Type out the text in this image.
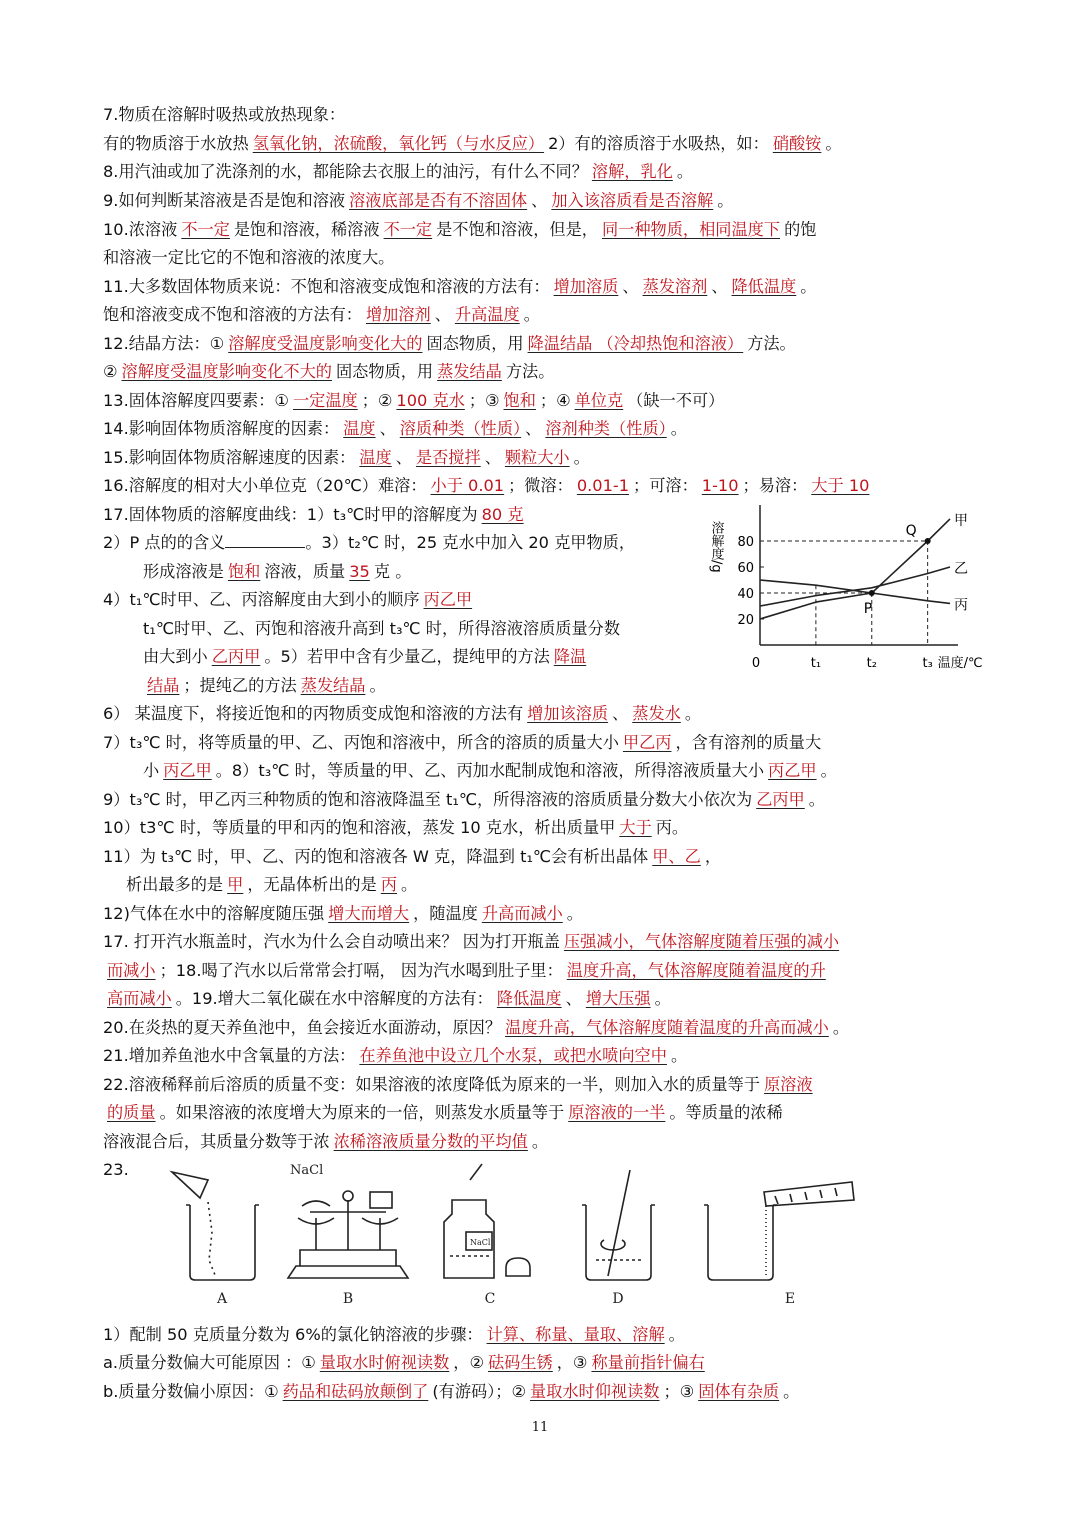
7.物质在溶解时吸热或放热现象：
有的物质溶于水放热 氢氧化钠，浓硫酸，氧化钙（与水反应） 2）有的溶质溶于水吸热，如： 硝酸铵 。
8.用汽油或加了洗涤剂的水，都能除去衣服上的油污，有什么不同？ 溶解，乳化 。
9.如何判断某溶液是否是饱和溶液 溶液底部是否有不溶固体 、 加入该溶质看是否溶解 。
10.浓溶液 不一定 是饱和溶液，稀溶液 不一定 是不饱和溶液，但是， 同一种物质，相同温度下 的饱
和溶液一定比它的不饱和溶液的浓度大。
11.大多数固体物质来说：不饱和溶液变成饱和溶液的方法有： 增加溶质 、 蒸发溶剂 、 降低温度 。
饱和溶液变成不饱和溶液的方法有： 增加溶剂 、 升高温度 。
12.结晶方法：① 溶解度受温度影响变化大的 固态物质，用 降温结晶 （冷却热饱和溶液） 方法。
② 溶解度受温度影响变化不大的 固态物质，用 蒸发结晶 方法。
13.固体溶解度四要素：① 一定温度 ；② 100 克水 ；③ 饱和 ；④ 单位克 （缺一不可）
14.影响固体物质溶解度的因素： 温度 、 溶质种类（性质） 、 溶剂种类（性质） 。
15.影响固体物质溶解速度的因素： 温度 、 是否搅拌 、 颗粒大小 。
16.溶解度的相对大小单位克（20℃）难溶： 小于 0.01 ；微溶： 0.01-1 ；可溶： 1-10 ；易溶： 大于 10
17.固体物质的溶解度曲线：1）t₃℃时甲的溶解度为 80 克
2）P 点的的含义	。3）t₂℃ 时，25 克水中加入 20 克甲物质，
形成溶液是 饱和 溶液，质量 35 克 。
4）t₁℃时甲、乙、丙溶解度由大到小的顺序 丙乙甲
t₁℃时甲、乙、丙饱和溶液升高到 t₃℃ 时，所得溶液溶质质量分数
由大到小 乙丙甲 。5）若甲中含有少量乙，提纯甲的方法 降温
结晶 ；提纯乙的方法 蒸发结晶 。
20
40
60
80
0	t₁	t₂	t₃
溶解度/g
温度/℃
甲
乙
丙
P
Q
6） 某温度下，将接近饱和的丙物质变成饱和溶液的方法有 增加该溶质 、 蒸发水 。
7）t₃℃ 时，将等质量的甲、乙、丙饱和溶液中，所含的溶质的质量大小 甲乙丙 ，含有溶剂的质量大
小 丙乙甲 。8）t₃℃ 时，等质量的甲、乙、丙加水配制成饱和溶液，所得溶液质量大小 丙乙甲 。
9）t₃℃ 时，甲乙丙三种物质的饱和溶液降温至 t₁℃，所得溶液的溶质质量分数大小依次为 乙丙甲 。
10）t3℃ 时，等质量的甲和丙的饱和溶液，蒸发 10 克水，析出质量甲 大于 丙。
11）为 t₃℃ 时，甲、乙、丙的饱和溶液各 W 克，降温到 t₁℃会有析出晶体 甲、乙 ，
析出最多的是 甲 ，无晶体析出的是 丙 。
12)气体在水中的溶解度随压强 增大而增大 ，随温度 升高而减小 。
17. 打开汽水瓶盖时，汽水为什么会自动喷出来？ 因为打开瓶盖 压强减小，气体溶解度随着压强的减小
而减小 ；18.喝了汽水以后常常会打嗝， 因为汽水喝到肚子里： 温度升高，气体溶解度随着温度的升
高而减小 。19.增大二氧化碳在水中溶解度的方法有： 降低温度 、 增大压强 。
20.在炎热的夏天养鱼池中，鱼会接近水面游动，原因？ 温度升高，气体溶解度随着温度的升高而减小 。
21.增加养鱼池水中含氧量的方法： 在养鱼池中设立几个水泵，或把水喷向空中 。
22.溶液稀释前后溶质的质量不变：如果溶液的浓度降低为原来的一半，则加入水的质量等于 原溶液
的质量 。如果溶液的浓度增大为原来的一倍，则蒸发水质量等于 原溶液的一半 。等质量的浓稀
溶液混合后，其质量分数等于浓 浓稀溶液质量分数的平均值 。
23.	NaCl
NaCl
A	B	C	D	E
1）配制 50 克质量分数为 6%的氯化钠溶液的步骤： 计算、称量、量取、溶解 。
a.质量分数偏大可能原因 ：① 量取水时俯视读数 ，② 砝码生锈 ，③ 称量前指针偏右
b.质量分数偏小原因：① 药品和砝码放颠倒了 (有游码）；② 量取水时仰视读数 ；③ 固体有杂质 。
11
